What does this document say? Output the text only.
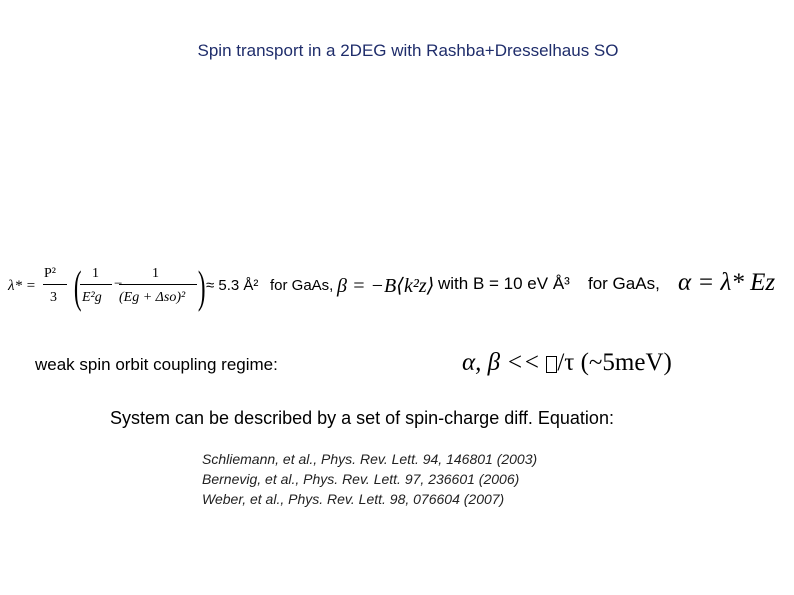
Spin transport in a 2DEG with Rashba+Dresselhaus SO
λ* =
P²
3 ( 1
E²g
−
1
(Eg + Δso)² ) ≈ 5.3 Å² for GaAs, β = −B⟨k²z⟩ with B = 10 eV Å³ for GaAs, α = λ* Ez
weak spin orbit coupling regime:	α, β << /τ (~5meV)
System can be described by a set of spin-charge diff. Equation:
Schliemann, et al., Phys. Rev. Lett. 94, 146801 (2003)
Bernevig, et al., Phys. Rev. Lett. 97, 236601 (2006)
Weber, et al., Phys. Rev. Lett. 98, 076604 (2007)
